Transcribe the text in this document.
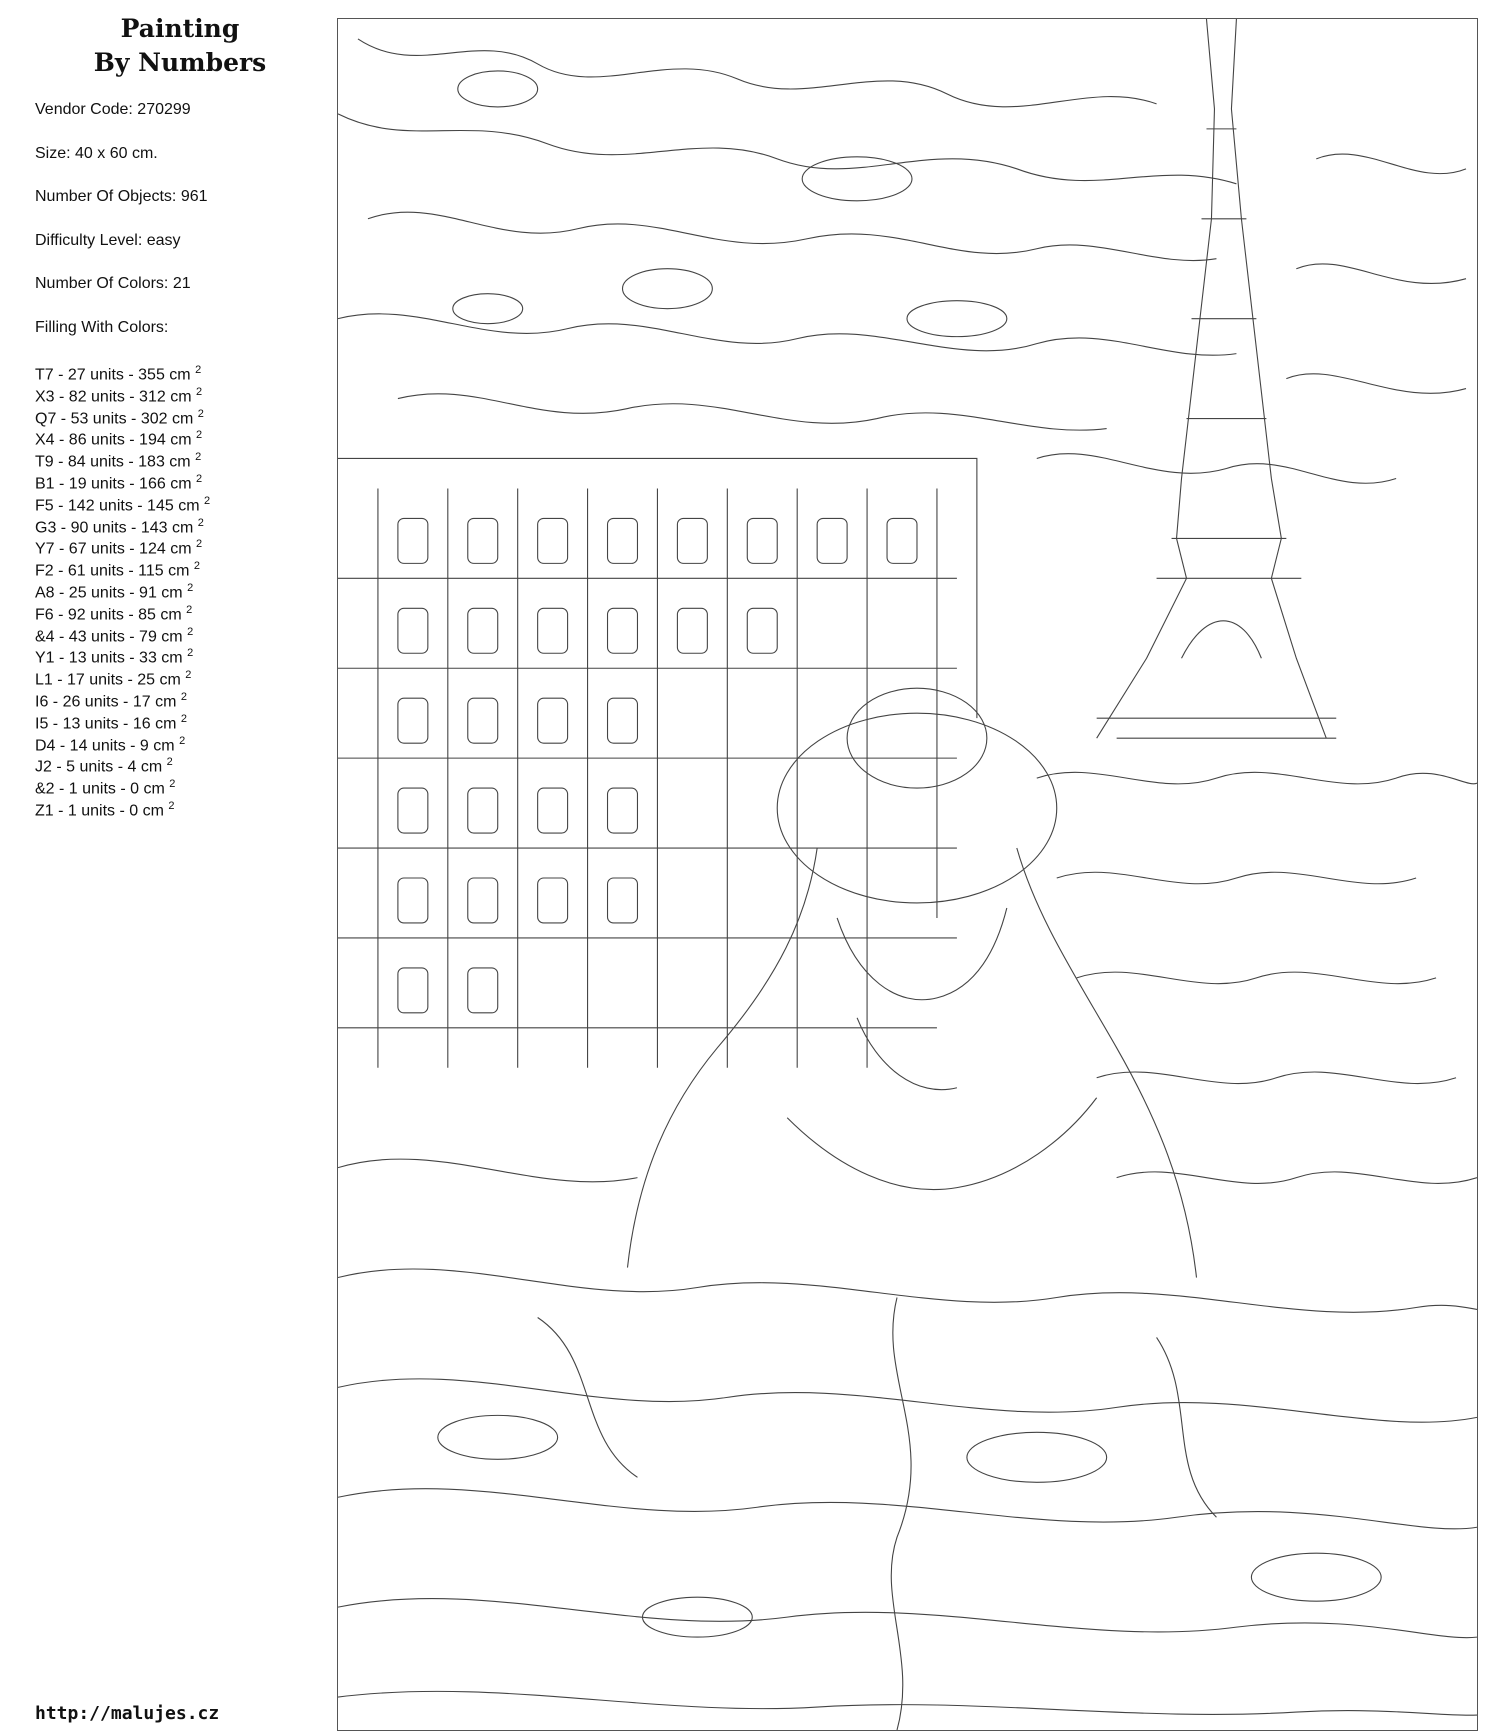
Painting
By Numbers
Vendor Code: 270299
Size: 40 x 60 cm.
Number Of Objects: 961
Difficulty Level: easy
Number Of Colors: 21
Filling With Colors:
T7 - 27 units - 355 cm $^2$
X3 - 82 units - 312 cm $^2$
Q7 - 53 units - 302 cm $^2$
X4 - 86 units - 194 cm $^2$
T9 - 84 units - 183 cm $^2$
B1 - 19 units - 166 cm $^2$
F5 - 142 units - 145 cm $^2$
G3 - 90 units - 143 cm $^2$
Y7 - 67 units - 124 cm $^2$
F2 - 61 units - 115 cm $^2$
A8 - 25 units - 91 cm $^2$
F6 - 92 units - 85 cm $^2$
&4 - 43 units - 79 cm $^2$
Y1 - 13 units - 33 cm $^2$
L1 - 17 units - 25 cm $^2$
I6 - 26 units - 17 cm $^2$
I5 - 13 units - 16 cm $^2$
D4 - 14 units - 9 cm $^2$
J2 - 5 units - 4 cm $^2$
&2 - 1 units - 0 cm $^2$
Z1 - 1 units - 0 cm $^2$
http://malujes.cz
